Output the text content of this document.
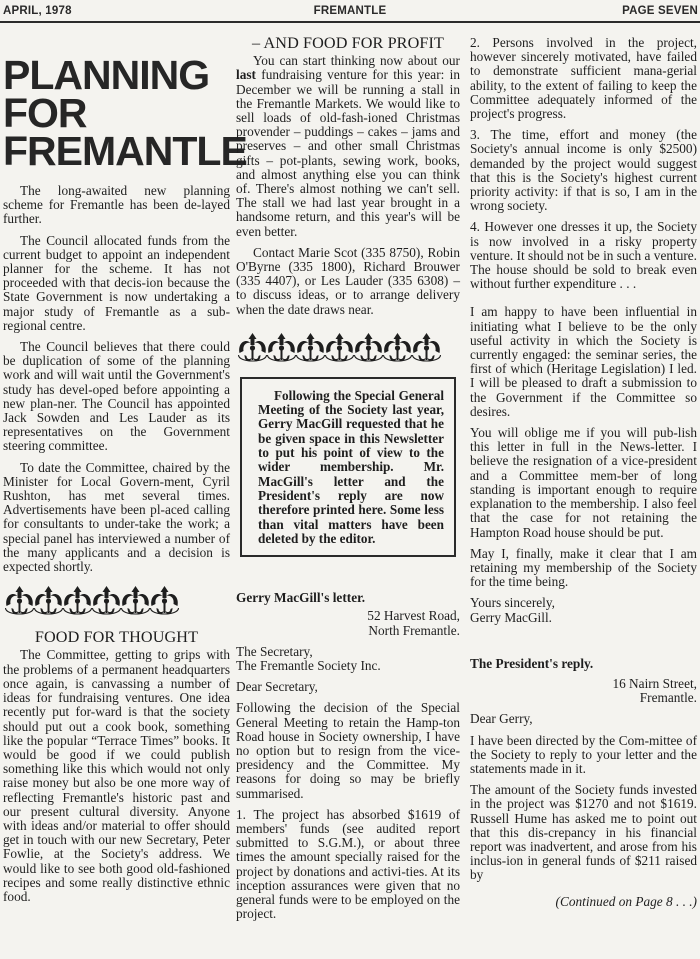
APRIL, 1978	FREMANTLE	PAGE SEVEN
PLANNING
FOR
FREMANTLE

The long-awaited new planning scheme for Fremantle has been de-layed further.

The Council allocated funds from the current budget to appoint an independent planner for the scheme. It has not proceeded with that decis-ion because the State Government is now undertaking a major study of Fremantle as a sub-regional centre.

The Council believes that there could be duplication of some of the planning work and will wait until the Government's study has devel-oped before appointing a new plan-ner. The Council has appointed Jack Sowden and Les Lauder as its representatives on the Government steering committee.

To date the Committee, chaired by the Minister for Local Govern-ment, Cyril Rushton, has met several times. Advertisements have been pl-aced calling for consultants to under-take the work; a special panel has interviewed a number of the many applicants and a decision is expected shortly.

FOOD FOR THOUGHT

The Committee, getting to grips with the problems of a permanent headquarters once again, is canvassing a number of ideas for fundraising ventures. One idea recently put for-ward is that the society should put out a cook book, something like the popular “Terrace Times” books. It would be good if we could publish something like this which would not only raise money but also be one more way of reflecting Fremantle's historic past and our present cultural diversity. Anyone with ideas and/or material to offer should get in touch with our new Secretary, Peter Fowlie, at the Society's address. We would like to see both good old-fashioned recipes and some really distinctive ethnic food.

– AND FOOD FOR PROFIT

You can start thinking now about our last fundraising venture for this year: in December we will be running a stall in the Fremantle Markets. We would like to sell loads of old-fash-ioned Christmas provender – puddings – cakes – jams and preserves – and other small Christmas gifts – pot-plants, sewing work, books, and almost anything else you can think of. There's almost nothing we can't sell. The stall we had last year brought in a handsome return, and this year's will be even better.

Contact Marie Scot (335 8750), Robin O'Byrne (335 1800), Richard Brouwer (335 4407), or Les Lauder (335 6308) – to discuss ideas, or to arrange delivery when the date draws near.

Following the Special General Meeting of the Society last year, Gerry MacGill requested that he be given space in this Newsletter to put his point of view to the wider membership. Mr. MacGill's letter and the President's reply are now therefore printed here. Some less than vital matters have been deleted by the editor.

Gerry MacGill's letter.

52 Harvest Road,
North Fremantle.
The Secretary,
The Fremantle Society Inc.

Dear Secretary,

Following the decision of the Special General Meeting to retain the Hamp-ton Road house in Society ownership, I have no option but to resign from the vice-presidency and the Committee. My reasons for doing so may be briefly summarised.

1. The project has absorbed $1619 of members' funds (see audited report submitted to S.G.M.), or about three times the amount specially raised for the project by donations and activi-ties. At its inception assurances were given that no general funds were to be employed on the project.

2. Persons involved in the project, however sincerely motivated, have failed to demonstrate sufficient mana-gerial ability, to the extent of failing to keep the Committee adequately informed of the project's progress.

3. The time, effort and money (the Society's annual income is only $2500) demanded by the project would suggest that this is the Society's highest current priority activity: if that is so, I am in the wrong society.

4. However one dresses it up, the Society is now involved in a risky property venture. It should not be in such a venture. The house should be sold to break even without further expenditure . . .

I am happy to have been influential in initiating what I believe to be the only useful activity in which the Society is currently engaged: the seminar series, the first of which (Heritage Legislation) I led. I will be pleased to draft a submission to the Government if the Committee so desires.

You will oblige me if you will pub-lish this letter in full in the News-letter. I believe the resignation of a vice-president and a Committee mem-ber of long standing is important enough to require explanation to the membership. I also feel that the case for not retaining the Hampton Road house should be put.

May I, finally, make it clear that I am retaining my membership of the Society for the time being.

Yours sincerely,
Gerry MacGill.

The President's reply.

16 Nairn Street,
Fremantle.

Dear Gerry,

I have been directed by the Com-mittee of the Society to reply to your letter and the statements made in it.

The amount of the Society funds invested in the project was $1270 and not $1619. Russell Hume has asked me to point out that this dis-crepancy in his financial report was inadvertent, and arose from his inclus-ion in general funds of $211 raised by

(Continued on Page 8 . . .)
